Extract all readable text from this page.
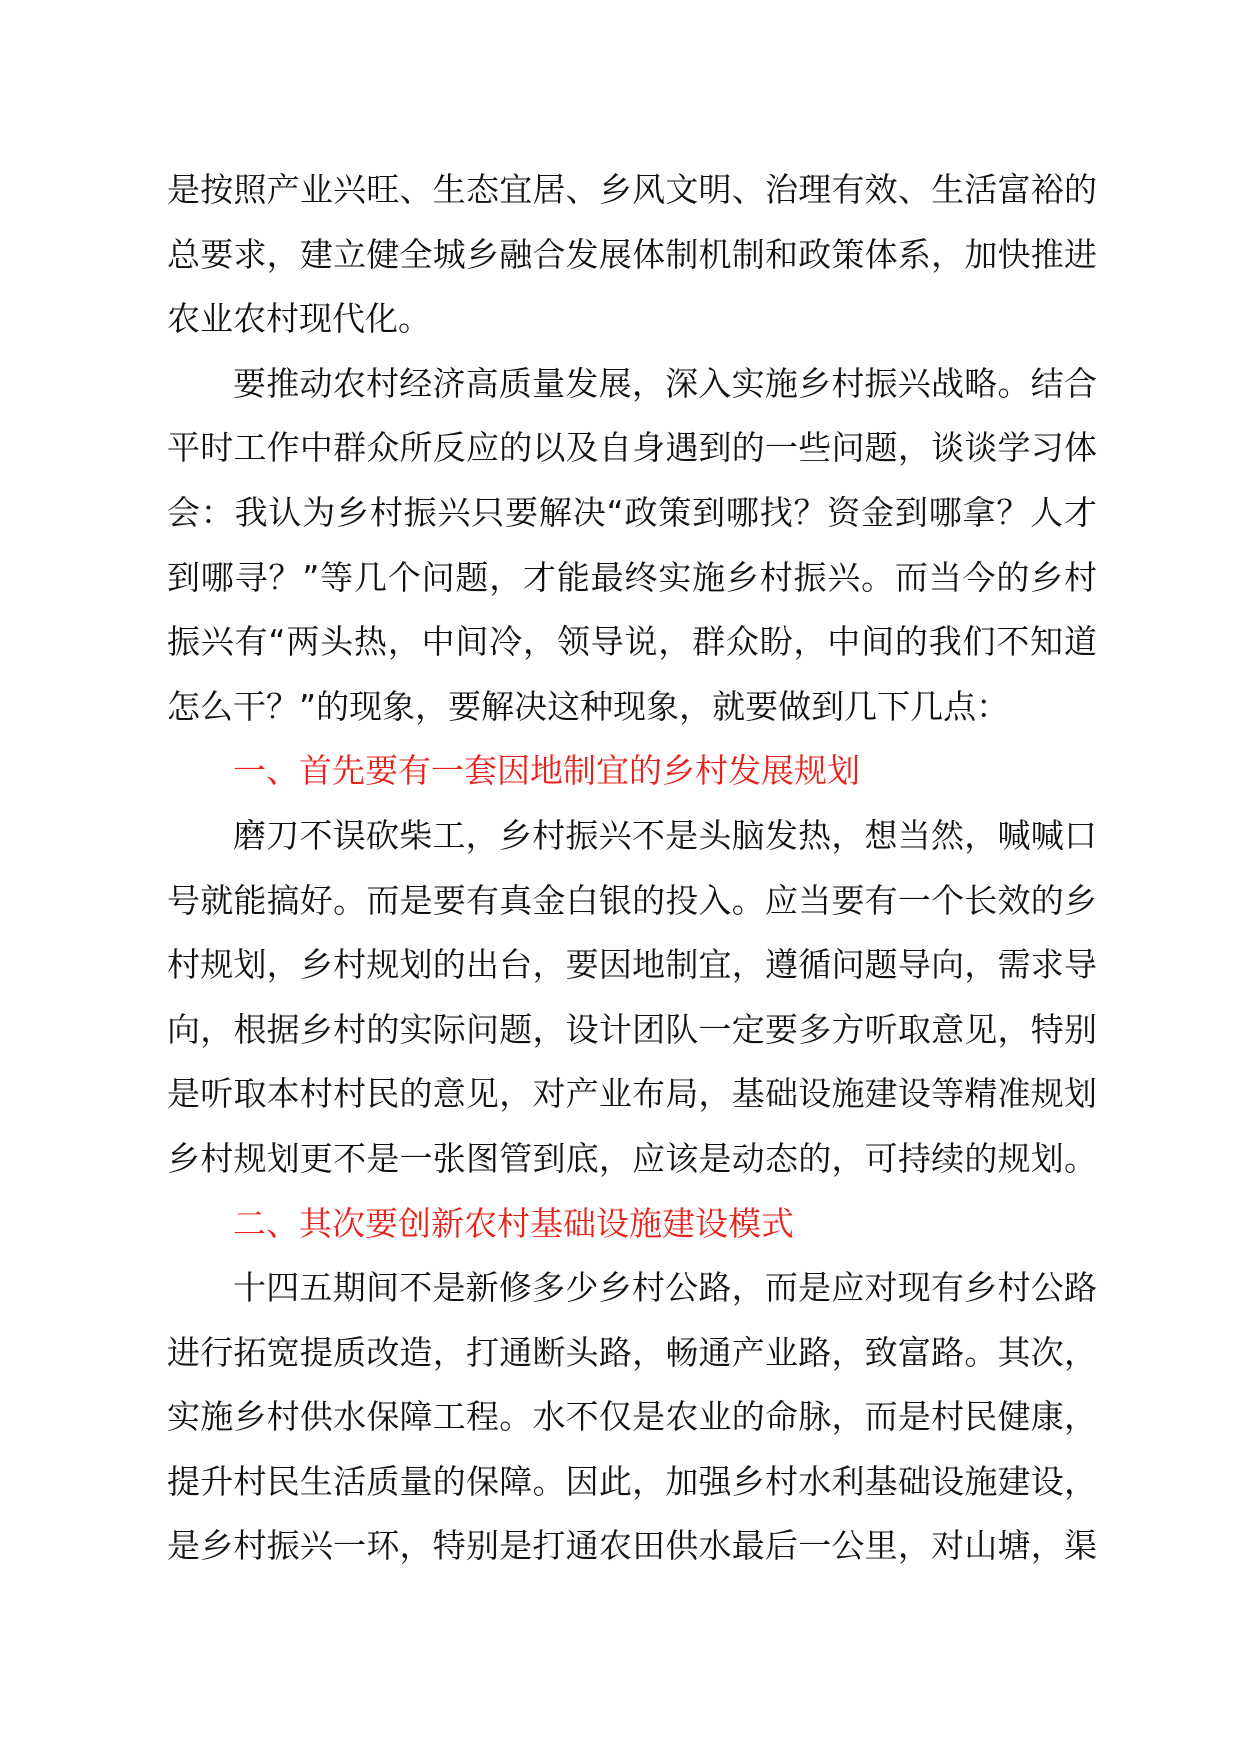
是按照产业兴旺、生态宜居、乡风文明、治理有效、生活富裕的
总要求，建立健全城乡融合发展体制机制和政策体系，加快推进
农业农村现代化。
要推动农村经济高质量发展，深入实施乡村振兴战略。结合
平时工作中群众所反应的以及自身遇到的一些问题，谈谈学习体
会：我认为乡村振兴只要解决“政策到哪找？资金到哪拿？人才
到哪寻？”等几个问题，才能最终实施乡村振兴。而当今的乡村
振兴有“两头热，中间冷，领导说，群众盼，中间的我们不知道
怎么干？”的现象，要解决这种现象，就要做到几下几点：
一、首先要有一套因地制宜的乡村发展规划
磨刀不误砍柴工，乡村振兴不是头脑发热，想当然，喊喊口
号就能搞好。而是要有真金白银的投入。应当要有一个长效的乡
村规划，乡村规划的出台，要因地制宜，遵循问题导向，需求导
向，根据乡村的实际问题，设计团队一定要多方听取意见，特别
是听取本村村民的意见，对产业布局，基础设施建设等精准规划
乡村规划更不是一张图管到底，应该是动态的，可持续的规划。
二、其次要创新农村基础设施建设模式
十四五期间不是新修多少乡村公路，而是应对现有乡村公路
进行拓宽提质改造，打通断头路，畅通产业路，致富路。其次，
实施乡村供水保障工程。水不仅是农业的命脉，而是村民健康，
提升村民生活质量的保障。因此，加强乡村水利基础设施建设，
是乡村振兴一环，特别是打通农田供水最后一公里，对山塘，渠
